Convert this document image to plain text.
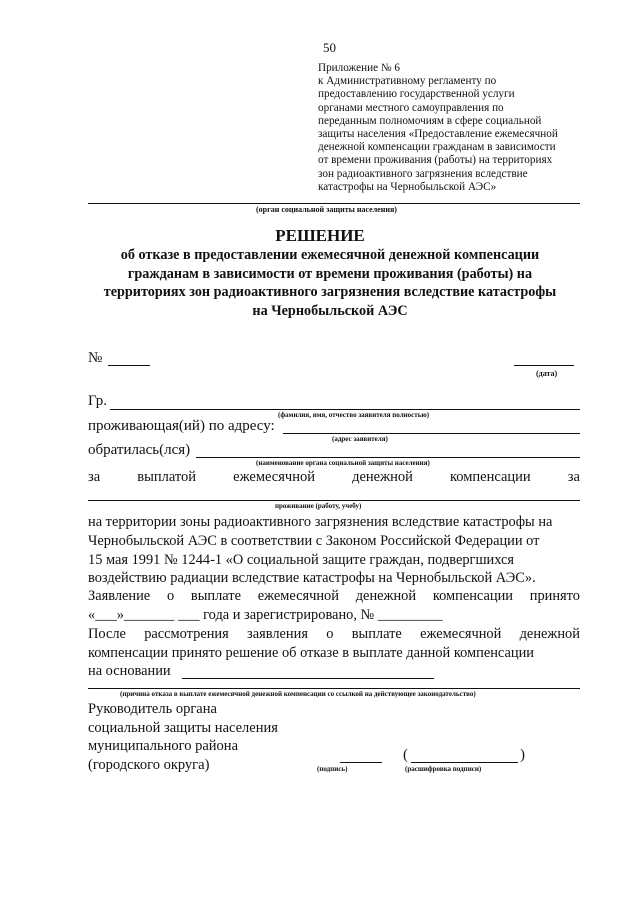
50
Приложение № 6
к Административному регламенту по
предоставлению государственной услуги
органами местного самоуправления по
переданным полномочиям в сфере социальной
защиты населения «Предоставление ежемесячной
денежной компенсации гражданам в зависимости
от времени проживания (работы) на территориях
зон радиоактивного загрязнения вследствие
катастрофы на Чернобыльской АЭС»
(орган социальной защиты населения)
РЕШЕНИЕ
об отказе в предоставлении ежемесячной денежной компенсации
гражданам в зависимости от времени проживания (работы) на
территориях зон радиоактивного загрязнения вследствие катастрофы
на Чернобыльской АЭС
№
(дата)
Гр.
(фамилия, имя, отчество заявителя полностью)
проживающая(ий) по адресу:
(адрес заявителя)
обратилась(лся)
(наименование органа социальной защиты населения)
за	выплатой	ежемесячной	денежной	компенсации	за
проживание (работу, учебу)
на территории зоны радиоактивного загрязнения вследствие катастрофы на
Чернобыльской АЭС в соответствии с Законом Российской Федерации от
15 мая 1991 № 1244-1 «О социальной защите граждан, подвергшихся
воздействию радиации вследствие катастрофы на Чернобыльской АЭС».
Заявление о выплате ежемесячной денежной компенсации принято
«___»_______ ___ года и зарегистрировано, № _________
После рассмотрения заявления о выплате ежемесячной денежной
компенсации принято решение об отказе в выплате данной компенсации
на основании
(причина отказа в выплате ежемесячной денежной компенсации со ссылкой на действующее законодательство)
Руководитель органа
социальной защиты населения
муниципального района
(городского округа)	(подпись)
(	)
(расшифровка подписи)
